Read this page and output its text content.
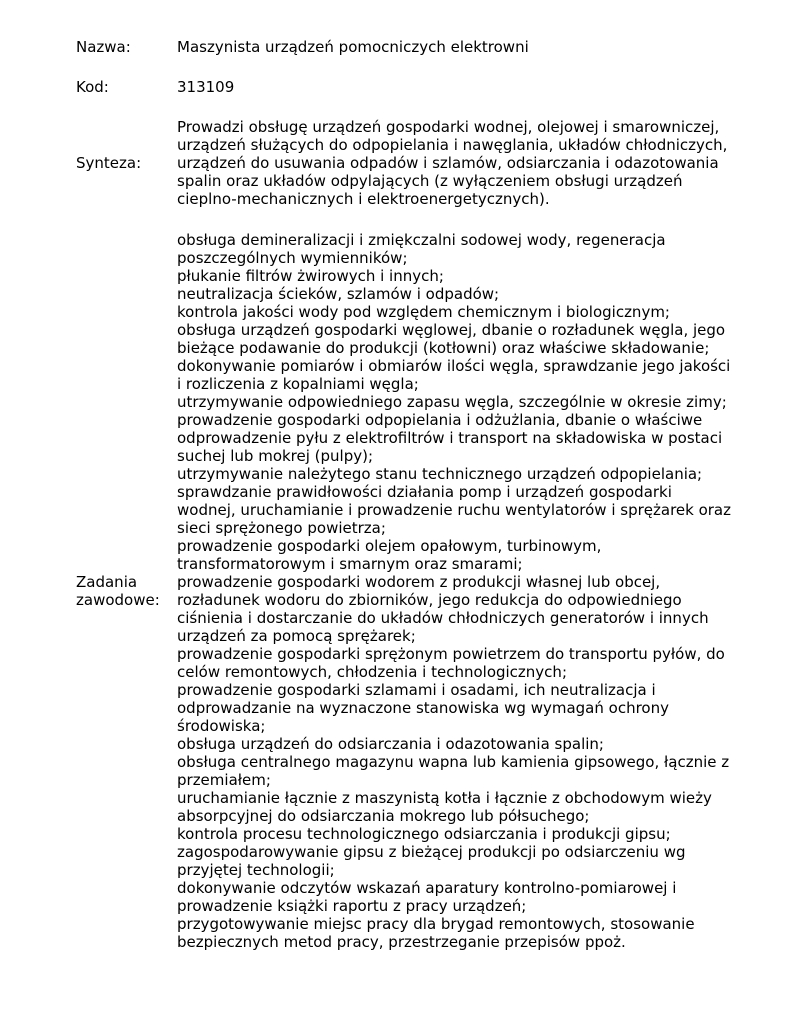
Nazwa:	Maszynista urządzeń pomocniczych elektrowni
Kod:	313109
Synteza:
Prowadzi obsługę urządzeń gospodarki wodnej, olejowej i smarowniczej,
urządzeń służących do odpopielania i nawęglania, układów chłodniczych,
urządzeń do usuwania odpadów i szlamów, odsiarczania i odazotowania
spalin oraz układów odpylających (z wyłączeniem obsługi urządzeń
cieplno-mechanicznych i elektroenergetycznych).
Zadania
zawodowe:
obsługa demineralizacji i zmiękczalni sodowej wody, regeneracja
poszczególnych wymienników;
płukanie filtrów żwirowych i innych;
neutralizacja ścieków, szlamów i odpadów;
kontrola jakości wody pod względem chemicznym i biologicznym;
obsługa urządzeń gospodarki węglowej, dbanie o rozładunek węgla, jego
bieżące podawanie do produkcji (kotłowni) oraz właściwe składowanie;
dokonywanie pomiarów i obmiarów ilości węgla, sprawdzanie jego jakości
i rozliczenia z kopalniami węgla;
utrzymywanie odpowiedniego zapasu węgla, szczególnie w okresie zimy;
prowadzenie gospodarki odpopielania i odżużlania, dbanie o właściwe
odprowadzenie pyłu z elektrofiltrów i transport na składowiska w postaci
suchej lub mokrej (pulpy);
utrzymywanie należytego stanu technicznego urządzeń odpopielania;
sprawdzanie prawidłowości działania pomp i urządzeń gospodarki
wodnej, uruchamianie i prowadzenie ruchu wentylatorów i sprężarek oraz
sieci sprężonego powietrza;
prowadzenie gospodarki olejem opałowym, turbinowym,
transformatorowym i smarnym oraz smarami;
prowadzenie gospodarki wodorem z produkcji własnej lub obcej,
rozładunek wodoru do zbiorników, jego redukcja do odpowiedniego
ciśnienia i dostarczanie do układów chłodniczych generatorów i innych
urządzeń za pomocą sprężarek;
prowadzenie gospodarki sprężonym powietrzem do transportu pyłów, do
celów remontowych, chłodzenia i technologicznych;
prowadzenie gospodarki szlamami i osadami, ich neutralizacja i
odprowadzanie na wyznaczone stanowiska wg wymagań ochrony
środowiska;
obsługa urządzeń do odsiarczania i odazotowania spalin;
obsługa centralnego magazynu wapna lub kamienia gipsowego, łącznie z
przemiałem;
uruchamianie łącznie z maszynistą kotła i łącznie z obchodowym wieży
absorpcyjnej do odsiarczania mokrego lub półsuchego;
kontrola procesu technologicznego odsiarczania i produkcji gipsu;
zagospodarowywanie gipsu z bieżącej produkcji po odsiarczeniu wg
przyjętej technologii;
dokonywanie odczytów wskazań aparatury kontrolno-pomiarowej i
prowadzenie książki raportu z pracy urządzeń;
przygotowywanie miejsc pracy dla brygad remontowych, stosowanie
bezpiecznych metod pracy, przestrzeganie przepisów ppoż.
